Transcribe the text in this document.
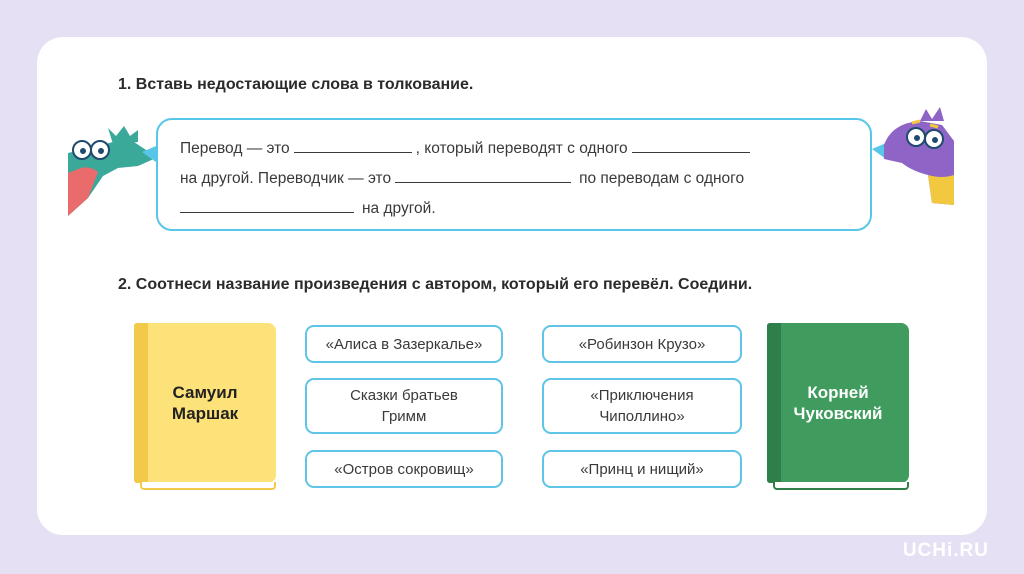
1. Вставь недостающие слова в толкование.
Перевод — это	, который переводят с одного
на другой. Переводчик — это	по переводам с одного
на другой.
2. Соотнеси название произведения с автором, который его перевёл. Соедини.
Самуил Маршак
«Алиса в Зазеркалье»
Сказки братьев Гримм
«Остров сокровищ»
«Робинзон Крузо»
«Приключения Чиполлино»
«Принц и нищий»
Корней Чуковский
UCHi.RU
